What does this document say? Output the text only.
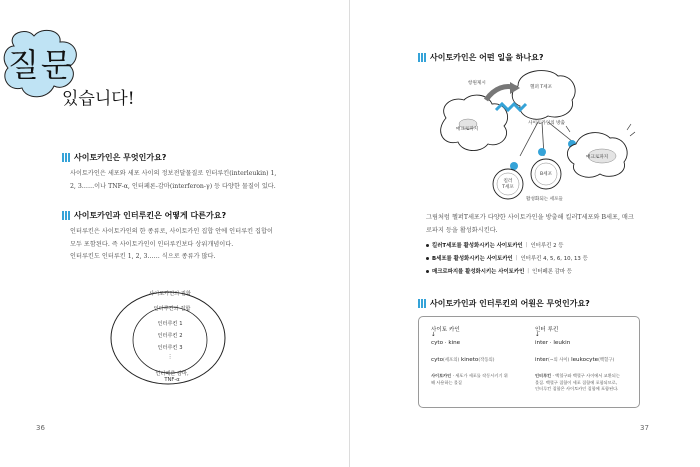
질문
있습니다!
사이토카인은 무엇인가요?
사이토카인은 세포와 세포 사이의 정보전달물질로 인터루킨(interleukin) 1,
2, 3……이나 TNF-α, 인터페론-감마(interferon-γ) 등 다양한 물질이 있다.
사이토카인과 인터루킨은 어떻게 다른가요?
인터루킨은 사이토카인의 한 종류로, 사이토카인 집합 안에 인터루킨 집합이
모두 포함된다. 즉 사이토카인이 인터루킨보다 상위개념이다.
인터루킨도 인터루킨 1, 2, 3…… 식으로 종류가 많다.
사이토카인의 집합
인터루킨의 집합
인터루킨 1
인터루킨 2
인터루킨 3
⋮
인터페론 감마,
TNF-α
36
사이토카인은 어떤 일을 하나요?
항원제시
헬퍼 T세포
매크로파지
사이토카인의 방출
킬러
T세포
B세포
매크로파지
활성화되는 세포들
그림처럼 헬퍼T세포가 다양한 사이토카인을 방출해 킬러T세포와 B세포, 매크
로파지 등을 활성화시킨다.
킬러T세포를 활성화시키는 사이토카인 | 인터루킨 2 등
B세포를 활성화시키는 사이토카인 | 인터루킨 4, 5, 6, 10, 13 등
매크로파지를 활성화시키는 사이토카인 | 인터페론 감마 등
사이토카인과 인터루킨의 어원은 무엇인가요?
사이토 카인
↓
cyto · kine
cyto(세포의) kineto(작동의)
사이토카인 · 세포가 세포를 작동시키기 위
해 사용하는 물질
인터 루킨
↓
inter · leukin
inter(~의 사이) leukocyte(백혈구)
인터루킨 · 백혈구와 백혈구 사이에서 교환되는
물질. 백혈구 집합이 세포 집합에 포함되므로,
인터루킨 집합은 사이토카인 집합에 포함된다.
37
